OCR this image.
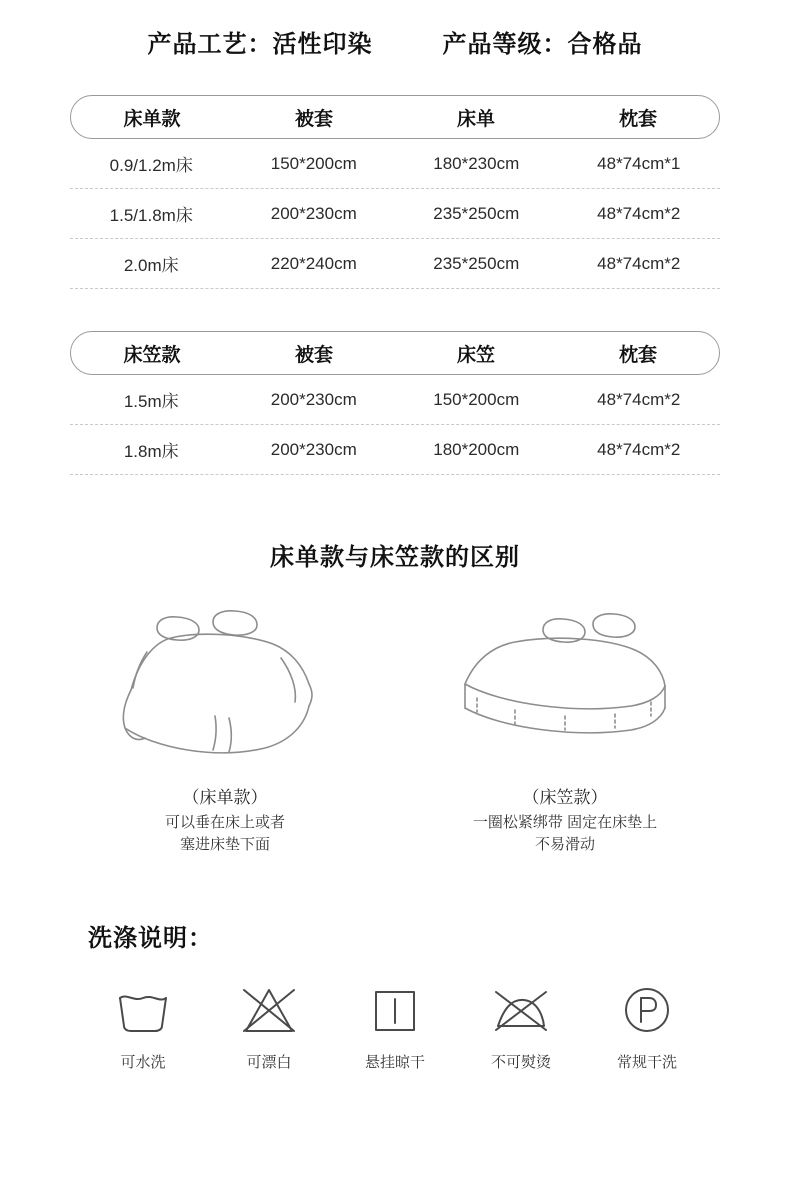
产品工艺：活性印染	产品等级：合格品
床单款	被套	床单	枕套
0.9/1.2m床	150*200cm	180*230cm	48*74cm*1
1.5/1.8m床	200*230cm	235*250cm	48*74cm*2
2.0m床	220*240cm	235*250cm	48*74cm*2
床笠款	被套	床笠	枕套
1.5m床	200*230cm	150*200cm	48*74cm*2
1.8m床	200*230cm	180*200cm	48*74cm*2
床单款与床笠款的区别
（床单款）
可以垂在床上或者
塞进床垫下面
（床笠款）
一圈松紧绑带 固定在床垫上
不易滑动
洗涤说明：
可水洗	可漂白	悬挂晾干	不可熨烫	常规干洗
